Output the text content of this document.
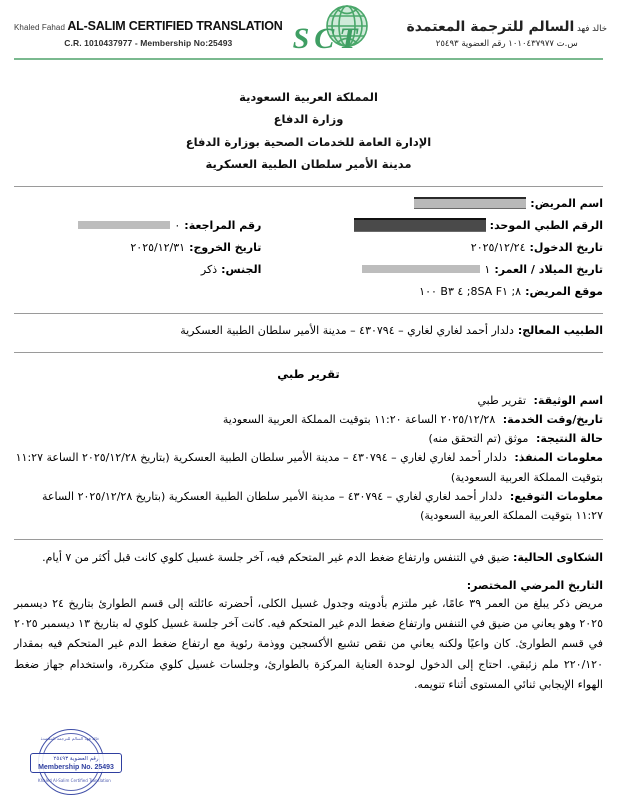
Khaled Fahad AL-SALIM CERTIFIED TRANSLATION
C.R. 1010437977 - Membership No:25493	SCT	خالد فهد السالم للترجمة المعتمدة
س.ت ١٠١٠٤٣٧٩٧٧ رقم العضوية ٢٥٤٩٣
المملكة العربية السعودية
وزارة الدفاع
الإدارة العامة للخدمات الصحية بوزارة الدفاع
مدينة الأمير سلطان الطبية العسكرية
اسم المريض:
الرقم الطبي الموحد:
رقم المراجعة:
٠
تاريخ الدخول:
٢٠٢٥/١٢/٢٤
تاريخ الخروج:
٢٠٢٥/١٢/٣١
تاريخ الميلاد / العمر:
١
الجنس:
ذكر
موقع المريض:
١٠٠ B٤ ٣ ;8SA F٨; ١
الطبيب المعالج:
دلدار أحمد لغاري لغاري – ٤٣٠٧٩٤ – مدينة الأمير سلطان الطبية العسكرية
تقرير طبي
اسم الوثيقة: تقرير طبي
تاريخ/وقت الخدمة: ٢٠٢٥/١٢/٢٨ الساعة ١١:٢٠ بتوقيت المملكة العربية السعودية
حالة النتيجة: موثق (تم التحقق منه)
معلومات المنفذ: دلدار أحمد لغاري لغاري – ٤٣٠٧٩٤ – مدينة الأمير سلطان الطبية العسكرية (بتاريخ ٢٠٢٥/١٢/٢٨ الساعة ١١:٢٧ بتوقيت المملكة العربية السعودية)
معلومات التوقيع: دلدار أحمد لغاري لغاري – ٤٣٠٧٩٤ – مدينة الأمير سلطان الطبية العسكرية (بتاريخ ٢٠٢٥/١٢/٢٨ الساعة ١١:٢٧ بتوقيت المملكة العربية السعودية)

الشكاوى الحالية: ضيق في التنفس وارتفاع ضغط الدم غير المتحكم فيه، آخر جلسة غسيل كلوي كانت قبل أكثر من ٧ أيام.

التاريخ المرضي المختصر:

مريض ذكر يبلغ من العمر ٣٩ عامًا، غير ملتزم بأدويته وجدول غسيل الكلى، أحضرته عائلته إلى قسم الطوارئ بتاريخ ٢٤ ديسمبر ٢٠٢٥ وهو يعاني من ضيق في التنفس وارتفاع ضغط الدم غير المتحكم فيه. كانت آخر جلسة غسيل كلوي له بتاريخ ١٣ ديسمبر ٢٠٢٥ في قسم الطوارئ. كان واعيًا ولكنه يعاني من نقص تشبع الأكسجين ووذمة رئوية مع ارتفاع ضغط الدم غير المتحكم فيه بمقدار ٢٢٠/١٢٠ ملم زئبقي. احتاج إلى الدخول لوحدة العناية المركزة بالطوارئ، وجلسات غسيل كلوي متكررة، واستخدام جهاز ضغط الهواء الإيجابي ثنائي المستوى أثناء تنويمه.

خالد فهد السالم للترجمة المعتمدة
رقم العضوية ٢٥٤٩٣
Membership No. 25493
Khaled Al-Salim Certified Translation
